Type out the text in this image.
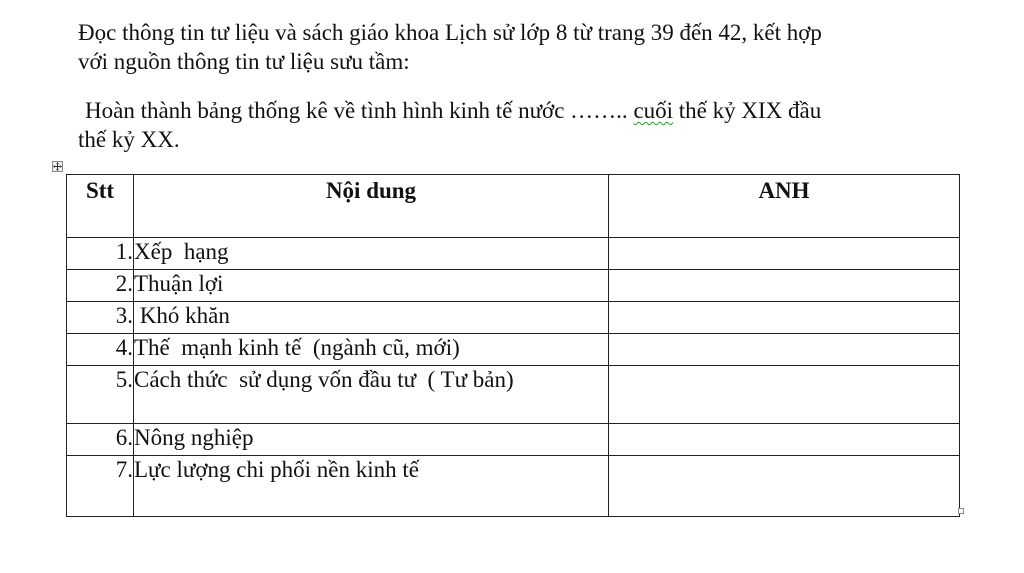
Đọc thông tin tư liệu và sách giáo khoa Lịch sử lớp 8 từ trang 39 đến 42, kết hợp
với nguồn thông tin tư liệu sưu tầm:
Hoàn thành bảng thống kê về tình hình kinh tế nước …….. cuối thế kỷ XIX đầu
thế kỷ XX.
Stt	Nội dung	ANH
1.	Xếp  hạng	
2.	Thuận lợi	
3.	Khó khăn	
4.	Thế  mạnh kinh tế  (ngành cũ, mới)	
5.	Cách thức  sử dụng vốn đầu tư  ( Tư bản)	
6.	Nông nghiệp	
7.	Lực lượng chi phối nền kinh tế	
